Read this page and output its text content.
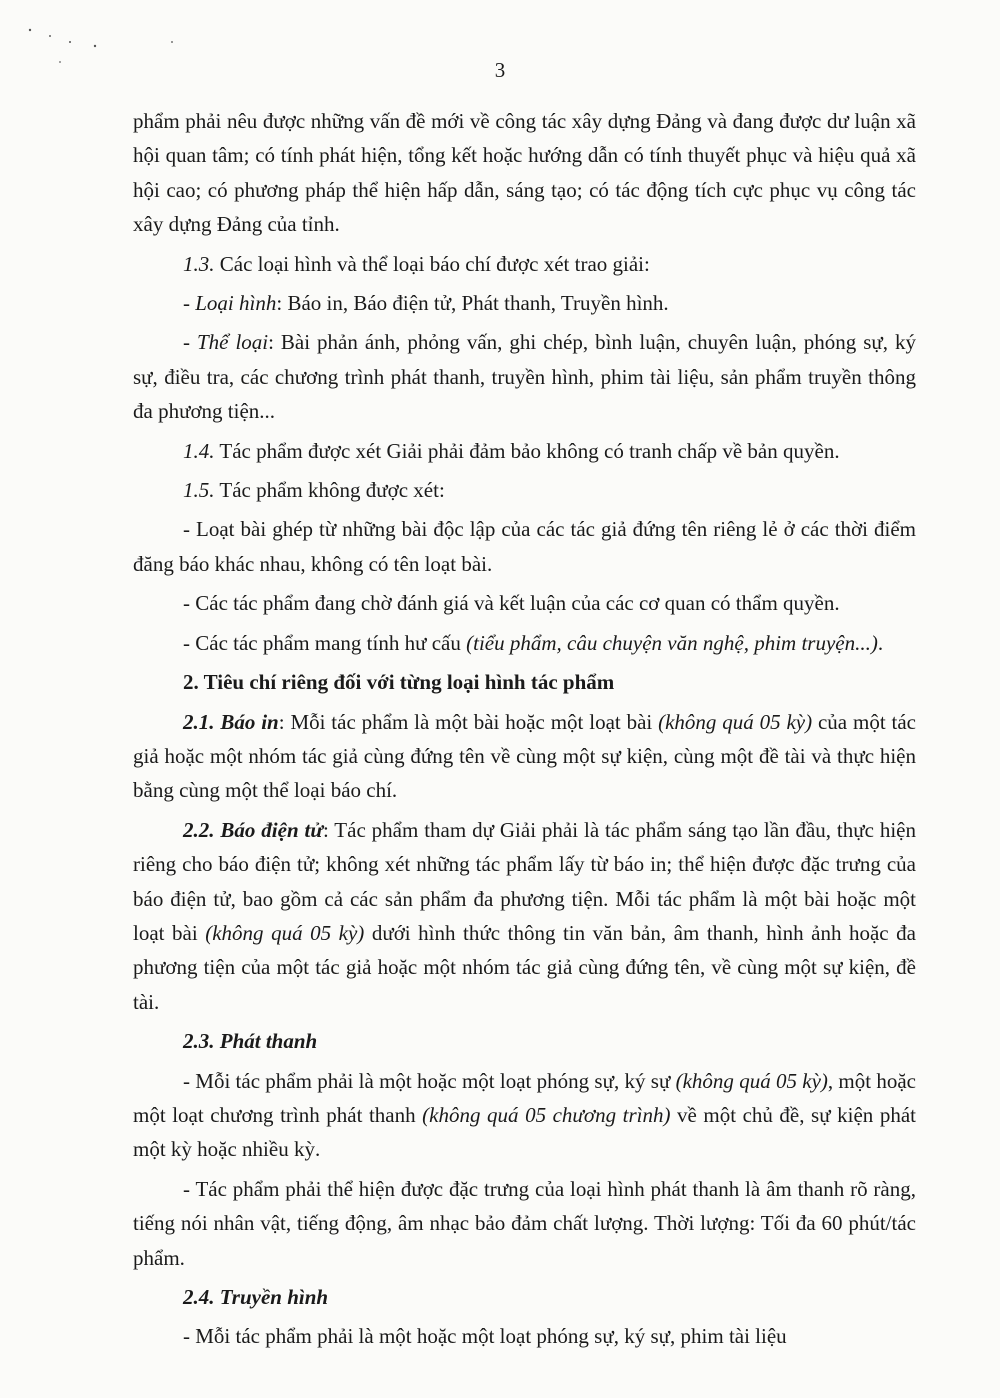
3
phẩm phải nêu được những vấn đề mới về công tác xây dựng Đảng và đang được dư luận xã hội quan tâm; có tính phát hiện, tổng kết hoặc hướng dẫn có tính thuyết phục và hiệu quả xã hội cao; có phương pháp thể hiện hấp dẫn, sáng tạo; có tác động tích cực phục vụ công tác xây dựng Đảng của tỉnh.
1.3. Các loại hình và thể loại báo chí được xét trao giải:
- Loại hình: Báo in, Báo điện tử, Phát thanh, Truyền hình.
- Thể loại: Bài phản ánh, phỏng vấn, ghi chép, bình luận, chuyên luận, phóng sự, ký sự, điều tra, các chương trình phát thanh, truyền hình, phim tài liệu, sản phẩm truyền thông đa phương tiện...
1.4. Tác phẩm được xét Giải phải đảm bảo không có tranh chấp về bản quyền.
1.5. Tác phẩm không được xét:
- Loạt bài ghép từ những bài độc lập của các tác giả đứng tên riêng lẻ ở các thời điểm đăng báo khác nhau, không có tên loạt bài.
- Các tác phẩm đang chờ đánh giá và kết luận của các cơ quan có thẩm quyền.
- Các tác phẩm mang tính hư cấu (tiểu phẩm, câu chuyện văn nghệ, phim truyện...).
2. Tiêu chí riêng đối với từng loại hình tác phẩm
2.1. Báo in: Mỗi tác phẩm là một bài hoặc một loạt bài (không quá 05 kỳ) của một tác giả hoặc một nhóm tác giả cùng đứng tên về cùng một sự kiện, cùng một đề tài và thực hiện bằng cùng một thể loại báo chí.
2.2. Báo điện tử: Tác phẩm tham dự Giải phải là tác phẩm sáng tạo lần đầu, thực hiện riêng cho báo điện tử; không xét những tác phẩm lấy từ báo in; thể hiện được đặc trưng của báo điện tử, bao gồm cả các sản phẩm đa phương tiện. Mỗi tác phẩm là một bài hoặc một loạt bài (không quá 05 kỳ) dưới hình thức thông tin văn bản, âm thanh, hình ảnh hoặc đa phương tiện của một tác giả hoặc một nhóm tác giả cùng đứng tên, về cùng một sự kiện, đề tài.
2.3. Phát thanh
- Mỗi tác phẩm phải là một hoặc một loạt phóng sự, ký sự (không quá 05 kỳ), một hoặc một loạt chương trình phát thanh (không quá 05 chương trình) về một chủ đề, sự kiện phát một kỳ hoặc nhiều kỳ.
- Tác phẩm phải thể hiện được đặc trưng của loại hình phát thanh là âm thanh rõ ràng, tiếng nói nhân vật, tiếng động, âm nhạc bảo đảm chất lượng. Thời lượng: Tối đa 60 phút/tác phẩm.
2.4. Truyền hình
- Mỗi tác phẩm phải là một hoặc một loạt phóng sự, ký sự, phim tài liệu
